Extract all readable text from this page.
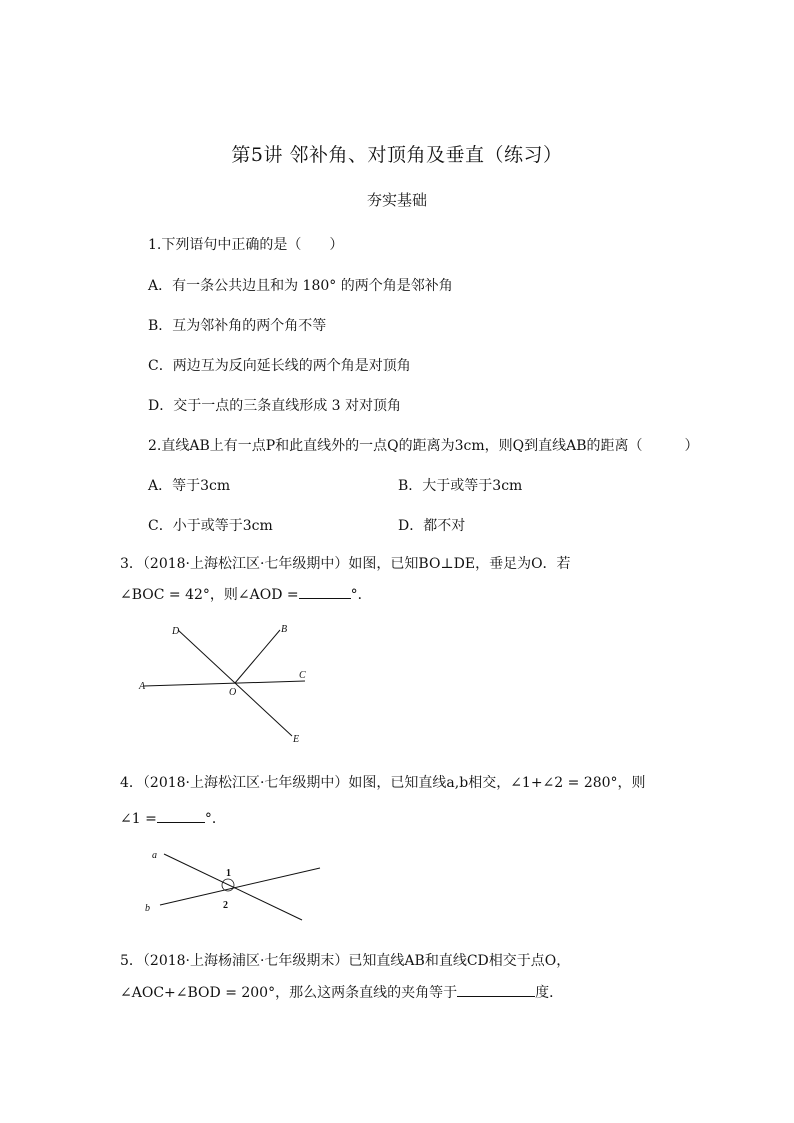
第5讲 邻补角、对顶角及垂直（练习）
夯实基础
1.下列语句中正确的是（　　）
A．有一条公共边且和为 180° 的两个角是邻补角
B．互为邻补角的两个角不等
C．两边互为反向延长线的两个角是对顶角
D．交于一点的三条直线形成 3 对对顶角
2.直线AB上有一点P和此直线外的一点Q的距离为3cm，则Q到直线AB的距离（　　　）
A．等于3cm	B．大于或等于3cm
C．小于或等于3cm	D．都不对
3．（2018·上海松江区·七年级期中）如图，已知BO⊥DE，垂足为O．若
∠BOC = 42°，则∠AOD =	°．
D	B
C
A
O
E
4．（2018·上海松江区·七年级期中）如图，已知直线a,b相交，∠1+∠2 = 280°，则
∠1 =	°．
a
b
1
2
5．（2018·上海杨浦区·七年级期末）已知直线AB和直线CD相交于点O，
∠AOC+∠BOD = 200°，那么这两条直线的夹角等于	度．
